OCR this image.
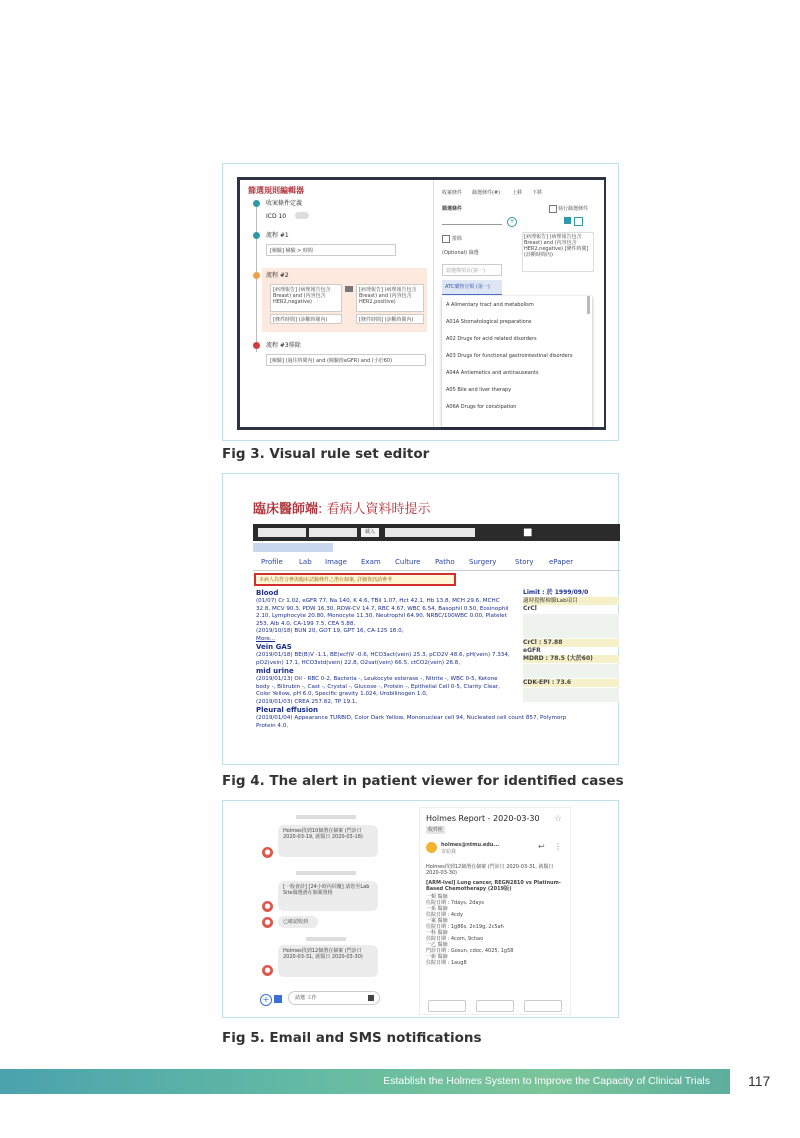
篩選規則編輯器
收案條件定義
ICD 10
流程 #1
[檢驗] 檢驗 > 時間
流程 #2
[病理報告] (病理報告包含Breast) and (內容包含HER2,negative)
[病理報告] (病理報告包含Breast) and (內容包含HER2,positive)
[條件時間] (診斷時間內)	[條件時間] (診斷時間內)
流程 #3排除
[檢驗] (過往時間內) and (檢驗值eGFR) and (小於60)
收案條件 篩選條件(#) 上移 下移
篩選條件	執行篩選條件
+
排除
(Optional) 篩選
[病理報告] (病理報告包含Breast) and (內容包含HER2,negative) [條件時間] (診斷時間內)
請選擇項目(第一)
ATC藥物分類 (第一)
A Alimentary tract and metabolism
A01A Stomatological preparations
A02 Drugs for acid related disorders
A03 Drugs for functional gastrointestinal disorders
A04A Antiemetics and antinauseants
A05 Bile and liver therapy
A06A Drugs for constipation
Fig 3. Visual rule set editor
臨床醫師端: 看病人資料時提示
載入	■
Profile Lab Image Exam Culture Patho Surgery	Story ePaper
本病人為符合參與臨床試驗條件之潛在個案, 詳細資訊請參考
Blood
(01/07) Cr 1.02, eGFR 77, Na 140, K 4.6, TBil 1.07, Hct 42.1, Hb 13.8, MCH 29.6, MCHC
32.8, MCV 90.3, PDW 16.30, RDW-CV 14.7, RBC 4.67, WBC 6.54, Basophil 0.50, Eosinophil
2.10, Lymphocyte 20.80, Monocyte 11.30, Neutrophil 64.90, NRBC/100WBC 0.00, Platelet
253, Alb 4.0, CA-199 7.5, CEA 5.88,
(2019/10/18) BUN 20, GOT 19, GPT 16, CA-125 18.0,
More...
Vein GAS
(2019/01/18) BE(B)V -1.1, BE(ecf)V -0.6, HCO3act(vein) 25.3, pCO2V 48.6, pH(vein) 7.334,
pO2(vein) 17.1, HCO3std(vein) 22.8, O2sat(vein) 66.5, ctCO2(vein) 26.8,
mid urine
(2019/01/13) Oil - RBC 0-2, Bacteria -, Leukocyte esterase -, Nitrite -, WBC 0-5, Ketone
body -, Bilirubin -, Cast -, Crystal -, Glucose -, Protein -, Epithelial Cell 0-5, Clarity Clear,
Color Yellow, pH 6.0, Specific gravity 1.024, Urobilinogen 1.0,
(2019/01/03) CREA 257.82, TP 19.1,
Pleural effusion
(2019/01/04) Appearance TURBID, Color Dark Yellow, Mononuclear cell 94, Nucleated cell count 857, Polymorp
Protein 4.0,
Limit : 於 1999/09/0
適時提醒檢驗Lab項目
CrCl
CrCl : 57.88
eGFR
MDRD : 78.5 (大於60)
CDK-EPI : 73.6
Fig 4. The alert in patient viewer for identified cases
Holmes找到10個潛在個案 (門診日 2020-03-19, 就醫日 2020-03-18)
●
[一般會診] [24小時內回覆] 請您至Lab Site篩選潛在個案資格
●
已確認收到
●
Holmes找到12個潛在個案 (門診日 2020-03-31, 就醫日 2020-03-30)
●
+	請選 工作
Holmes Report - 2020-03-30 ☆
收件匣
holmes@ntmu.edu...
寄給我
↩ ⋮
Holmes找到12個潛在個案 (門診日 2020-03-31, 就醫日 2020-03-30)
[ARM-lvel] Lung cancer, REGN2810 vs Platinum-Based Chemotherapy (2019版)
一類 醫師
住院日期 : 7days, 2days
一系 醫師
住院日期 : 4cdy
一案 醫師
住院日期 : 1g86s, 2n19g, 2c5ah
一科 醫師
住院日期 : 4com, 9chao
一乙 醫師
門診日期 : Gosun, cdoc, 4025, 1g58
一新 醫師
住院日期 : 1aug8
Fig 5. Email and SMS notifications
Establish the Holmes System to Improve the Capacity of Clinical Trials	117
